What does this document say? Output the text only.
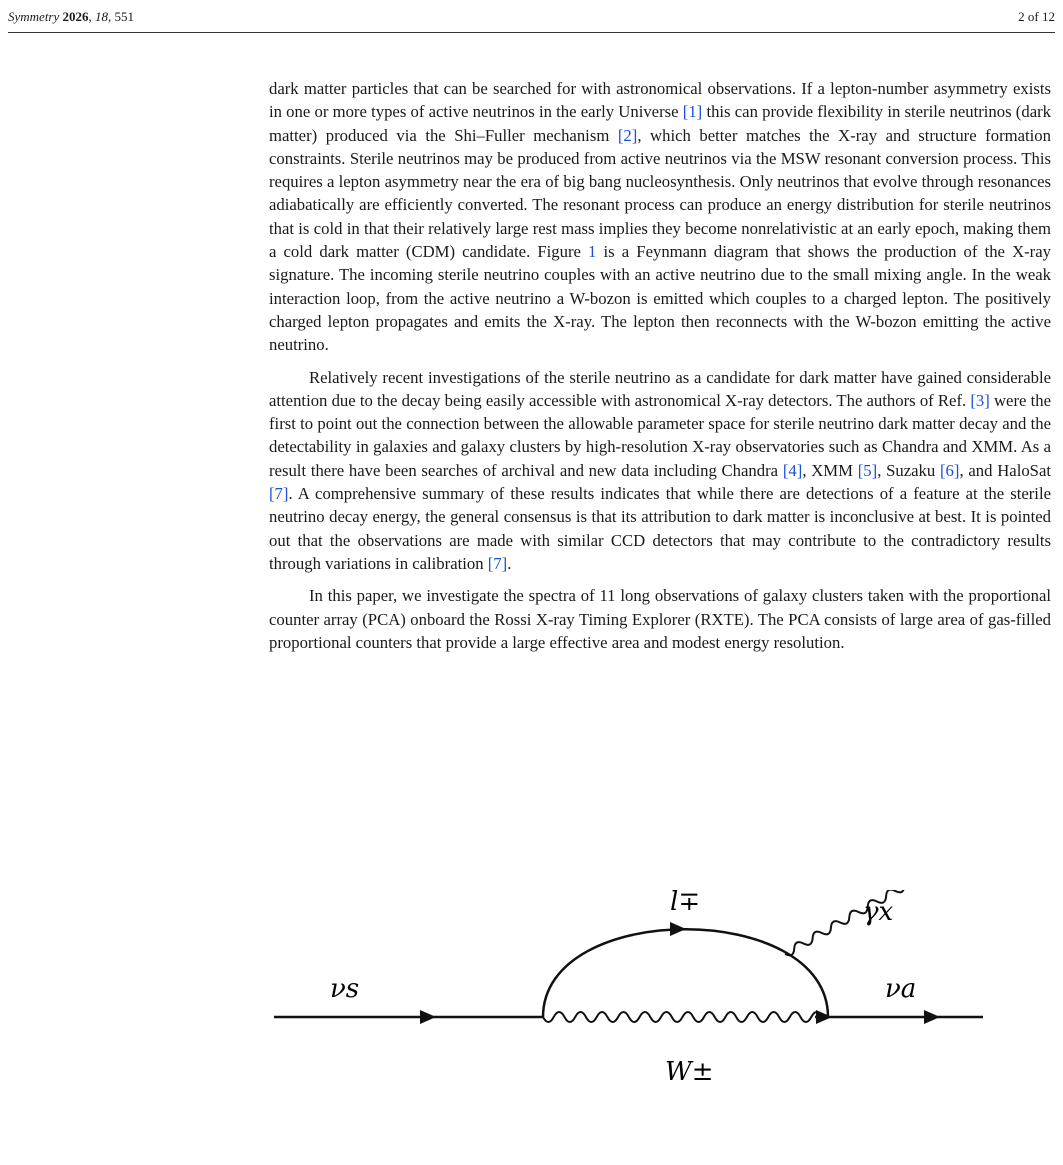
Symmetry 2026, 18, 551	2 of 12

dark matter particles that can be searched for with astronomical observations. If a lepton-number asymmetry exists in one or more types of active neutrinos in the early Universe [1] this can provide flexibility in sterile neutrinos (dark matter) produced via the Shi–Fuller mechanism [2], which better matches the X-ray and structure formation constraints. Sterile neutrinos may be produced from active neutrinos via the MSW resonant conversion process. This requires a lepton asymmetry near the era of big bang nucleosynthesis. Only neutrinos that evolve through resonances adiabatically are efficiently converted. The resonant process can produce an energy distribution for sterile neutrinos that is cold in that their relatively large rest mass implies they become nonrelativistic at an early epoch, making them a cold dark matter (CDM) candidate. Figure 1 is a Feynmann diagram that shows the production of the X-ray signature. The incoming sterile neutrino couples with an active neutrino due to the small mixing angle. In the weak interaction loop, from the active neutrino a W-bozon is emitted which couples to a charged lepton. The positively charged lepton propagates and emits the X-ray. The lepton then reconnects with the W-bozon emitting the active neutrino.

Relatively recent investigations of the sterile neutrino as a candidate for dark matter have gained considerable attention due to the decay being easily accessible with astronomical X-ray detectors. The authors of Ref. [3] were the first to point out the connection between the allowable parameter space for sterile neutrino dark matter decay and the detectability in galaxies and galaxy clusters by high-resolution X-ray observatories such as Chandra and XMM. As a result there have been searches of archival and new data including Chandra [4], XMM [5], Suzaku [6], and HaloSat [7]. A comprehensive summary of these results indicates that while there are detections of a feature at the sterile neutrino decay energy, the general consensus is that its attribution to dark matter is inconclusive at best. It is pointed out that the observations are made with similar CCD detectors that may contribute to the contradictory results through variations in calibration [7].

In this paper, we investigate the spectra of 11 long observations of galaxy clusters taken with the proportional counter array (PCA) onboard the Rossi X-ray Timing Explorer (RXTE). The PCA consists of large area of gas-filled proportional counters that provide a large effective area and modest energy resolution.

l∓	γx
νs	νa
W±
